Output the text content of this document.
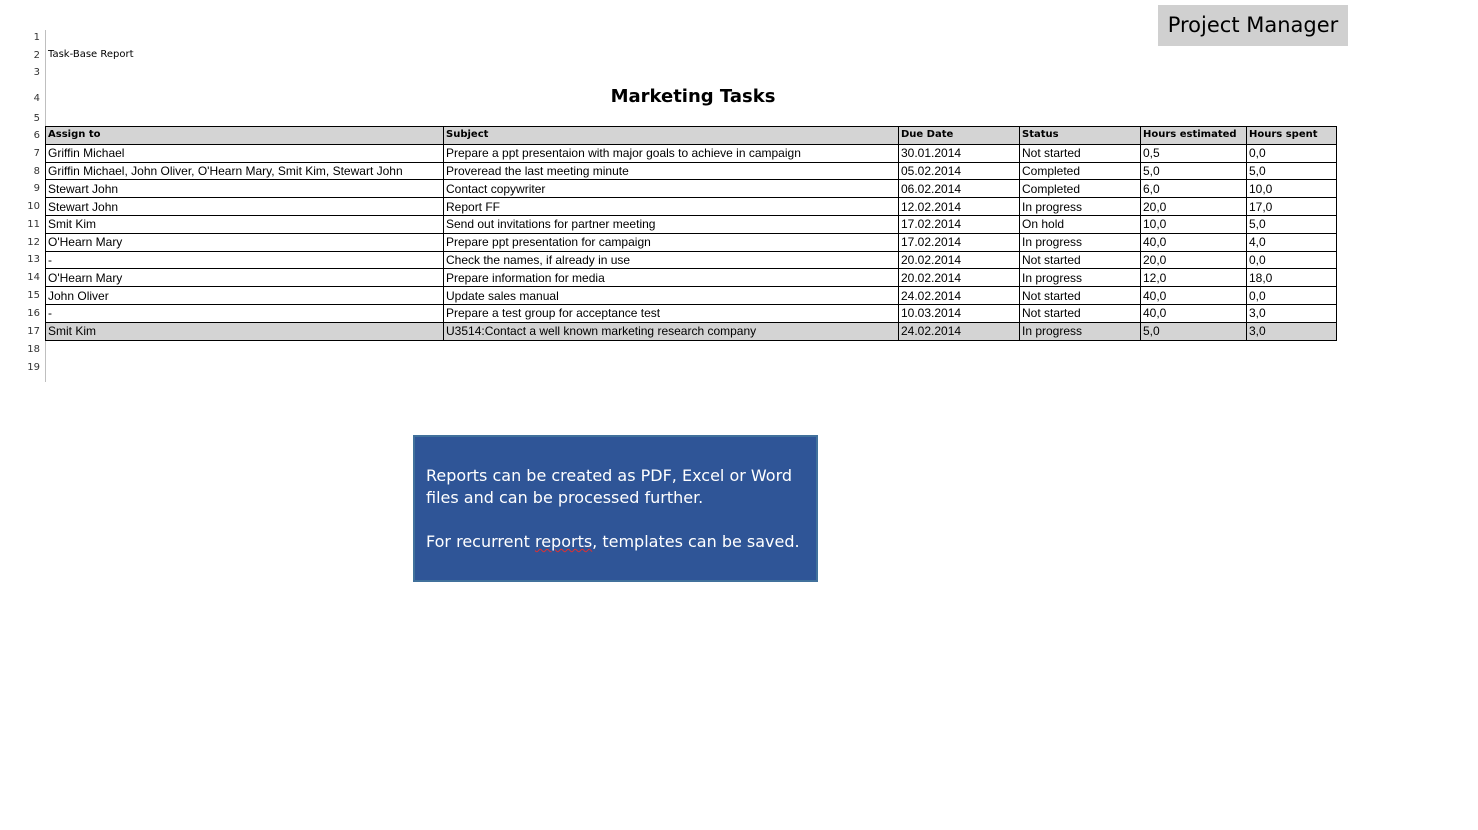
Project Manager
1
2
3
4
5
6
7
8
9
10
11
12
13
14
15
16
17
18
19
Task-Base Report
Marketing Tasks
Assign to	Subject	Due Date	Status	Hours estimated	Hours spent
Griffin Michael	Prepare a ppt presentaion with major goals to achieve in campaign	30.01.2014	Not started	0,5	0,0
Griffin Michael, John Oliver, O'Hearn Mary, Smit Kim, Stewart John	Proveread the last meeting minute	05.02.2014	Completed	5,0	5,0
Stewart John	Contact copywriter	06.02.2014	Completed	6,0	10,0
Stewart John	Report FF	12.02.2014	In progress	20,0	17,0
Smit Kim	Send out invitations for partner meeting	17.02.2014	On hold	10,0	5,0
O'Hearn Mary	Prepare ppt presentation for campaign	17.02.2014	In progress	40,0	4,0
-	Check the names, if already in use	20.02.2014	Not started	20,0	0,0
O'Hearn Mary	Prepare information for media	20.02.2014	In progress	12,0	18,0
John Oliver	Update sales manual	24.02.2014	Not started	40,0	0,0
-	Prepare a test group for acceptance test	10.03.2014	Not started	40,0	3,0
Smit Kim	U3514:Contact a well known marketing research company	24.02.2014	In progress	5,0	3,0

Reports can be created as PDF, Excel or Word files and can be processed further.

For recurrent reports, templates can be saved.
